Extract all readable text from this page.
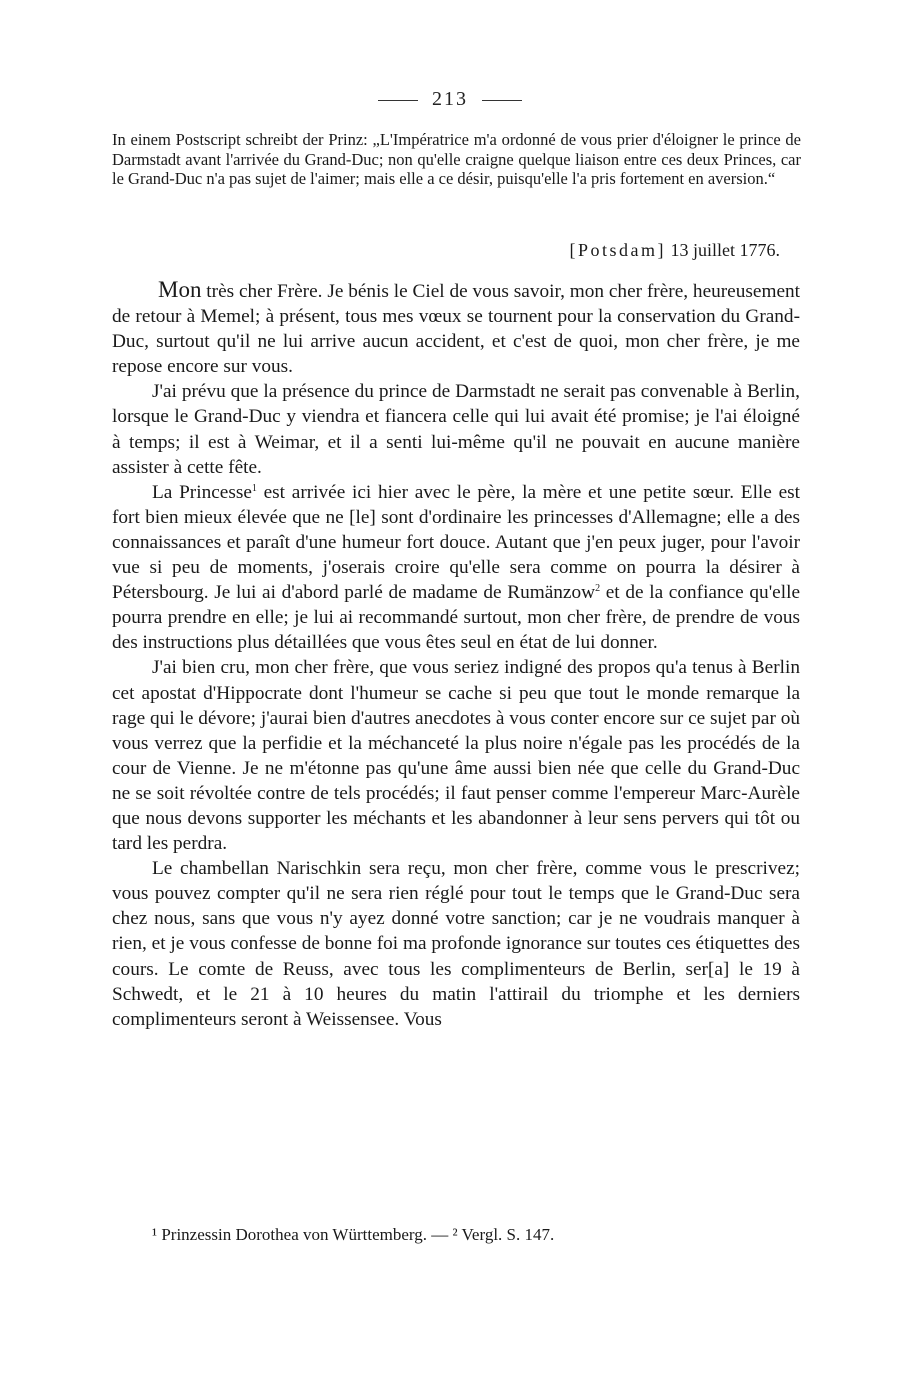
213
In einem Postscript schreibt der Prinz: „L'Impératrice m'a ordonné de vous prier d'éloigner le prince de Darmstadt avant l'arrivée du Grand-Duc; non qu'elle craigne quelque liaison entre ces deux Princes, car le Grand-Duc n'a pas sujet de l'aimer; mais elle a ce désir, puisqu'elle l'a pris fortement en aversion.“
[Potsdam] 13 juillet 1776.

Mon très cher Frère. Je bénis le Ciel de vous savoir, mon cher frère, heureusement de retour à Memel; à présent, tous mes vœux se tournent pour la conservation du Grand-Duc, surtout qu'il ne lui arrive aucun accident, et c'est de quoi, mon cher frère, je me repose encore sur vous.

J'ai prévu que la présence du prince de Darmstadt ne serait pas convenable à Berlin, lorsque le Grand-Duc y viendra et fiancera celle qui lui avait été promise; je l'ai éloigné à temps; il est à Weimar, et il a senti lui-même qu'il ne pouvait en aucune manière assister à cette fête.

La Princesse$^1$ est arrivée ici hier avec le père, la mère et une petite sœur. Elle est fort bien mieux élevée que ne [le] sont d'ordinaire les princesses d'Allemagne; elle a des connaissances et paraît d'une humeur fort douce. Autant que j'en peux juger, pour l'avoir vue si peu de moments, j'oserais croire qu'elle sera comme on pourra la désirer à Pétersbourg. Je lui ai d'abord parlé de madame de Rumänzow$^2$ et de la confiance qu'elle pourra prendre en elle; je lui ai recommandé surtout, mon cher frère, de prendre de vous des instructions plus détaillées que vous êtes seul en état de lui donner.

J'ai bien cru, mon cher frère, que vous seriez indigné des propos qu'a tenus à Berlin cet apostat d'Hippocrate dont l'humeur se cache si peu que tout le monde remarque la rage qui le dévore; j'aurai bien d'autres anecdotes à vous conter encore sur ce sujet par où vous verrez que la perfidie et la méchanceté la plus noire n'égale pas les procédés de la cour de Vienne. Je ne m'étonne pas qu'une âme aussi bien née que celle du Grand-Duc ne se soit révoltée contre de tels procédés; il faut penser comme l'empereur Marc-Aurèle que nous devons supporter les méchants et les abandonner à leur sens pervers qui tôt ou tard les perdra.

Le chambellan Narischkin sera reçu, mon cher frère, comme vous le prescrivez; vous pouvez compter qu'il ne sera rien réglé pour tout le temps que le Grand-Duc sera chez nous, sans que vous n'y ayez donné votre sanction; car je ne voudrais manquer à rien, et je vous confesse de bonne foi ma profonde ignorance sur toutes ces étiquettes des cours. Le comte de Reuss, avec tous les complimenteurs de Berlin, ser[a] le 19 à Schwedt, et le 21 à 10 heures du matin l'attirail du triomphe et les derniers complimenteurs seront à Weissensee. Vous

¹ Prinzessin Dorothea von Württemberg. — ² Vergl. S. 147.
